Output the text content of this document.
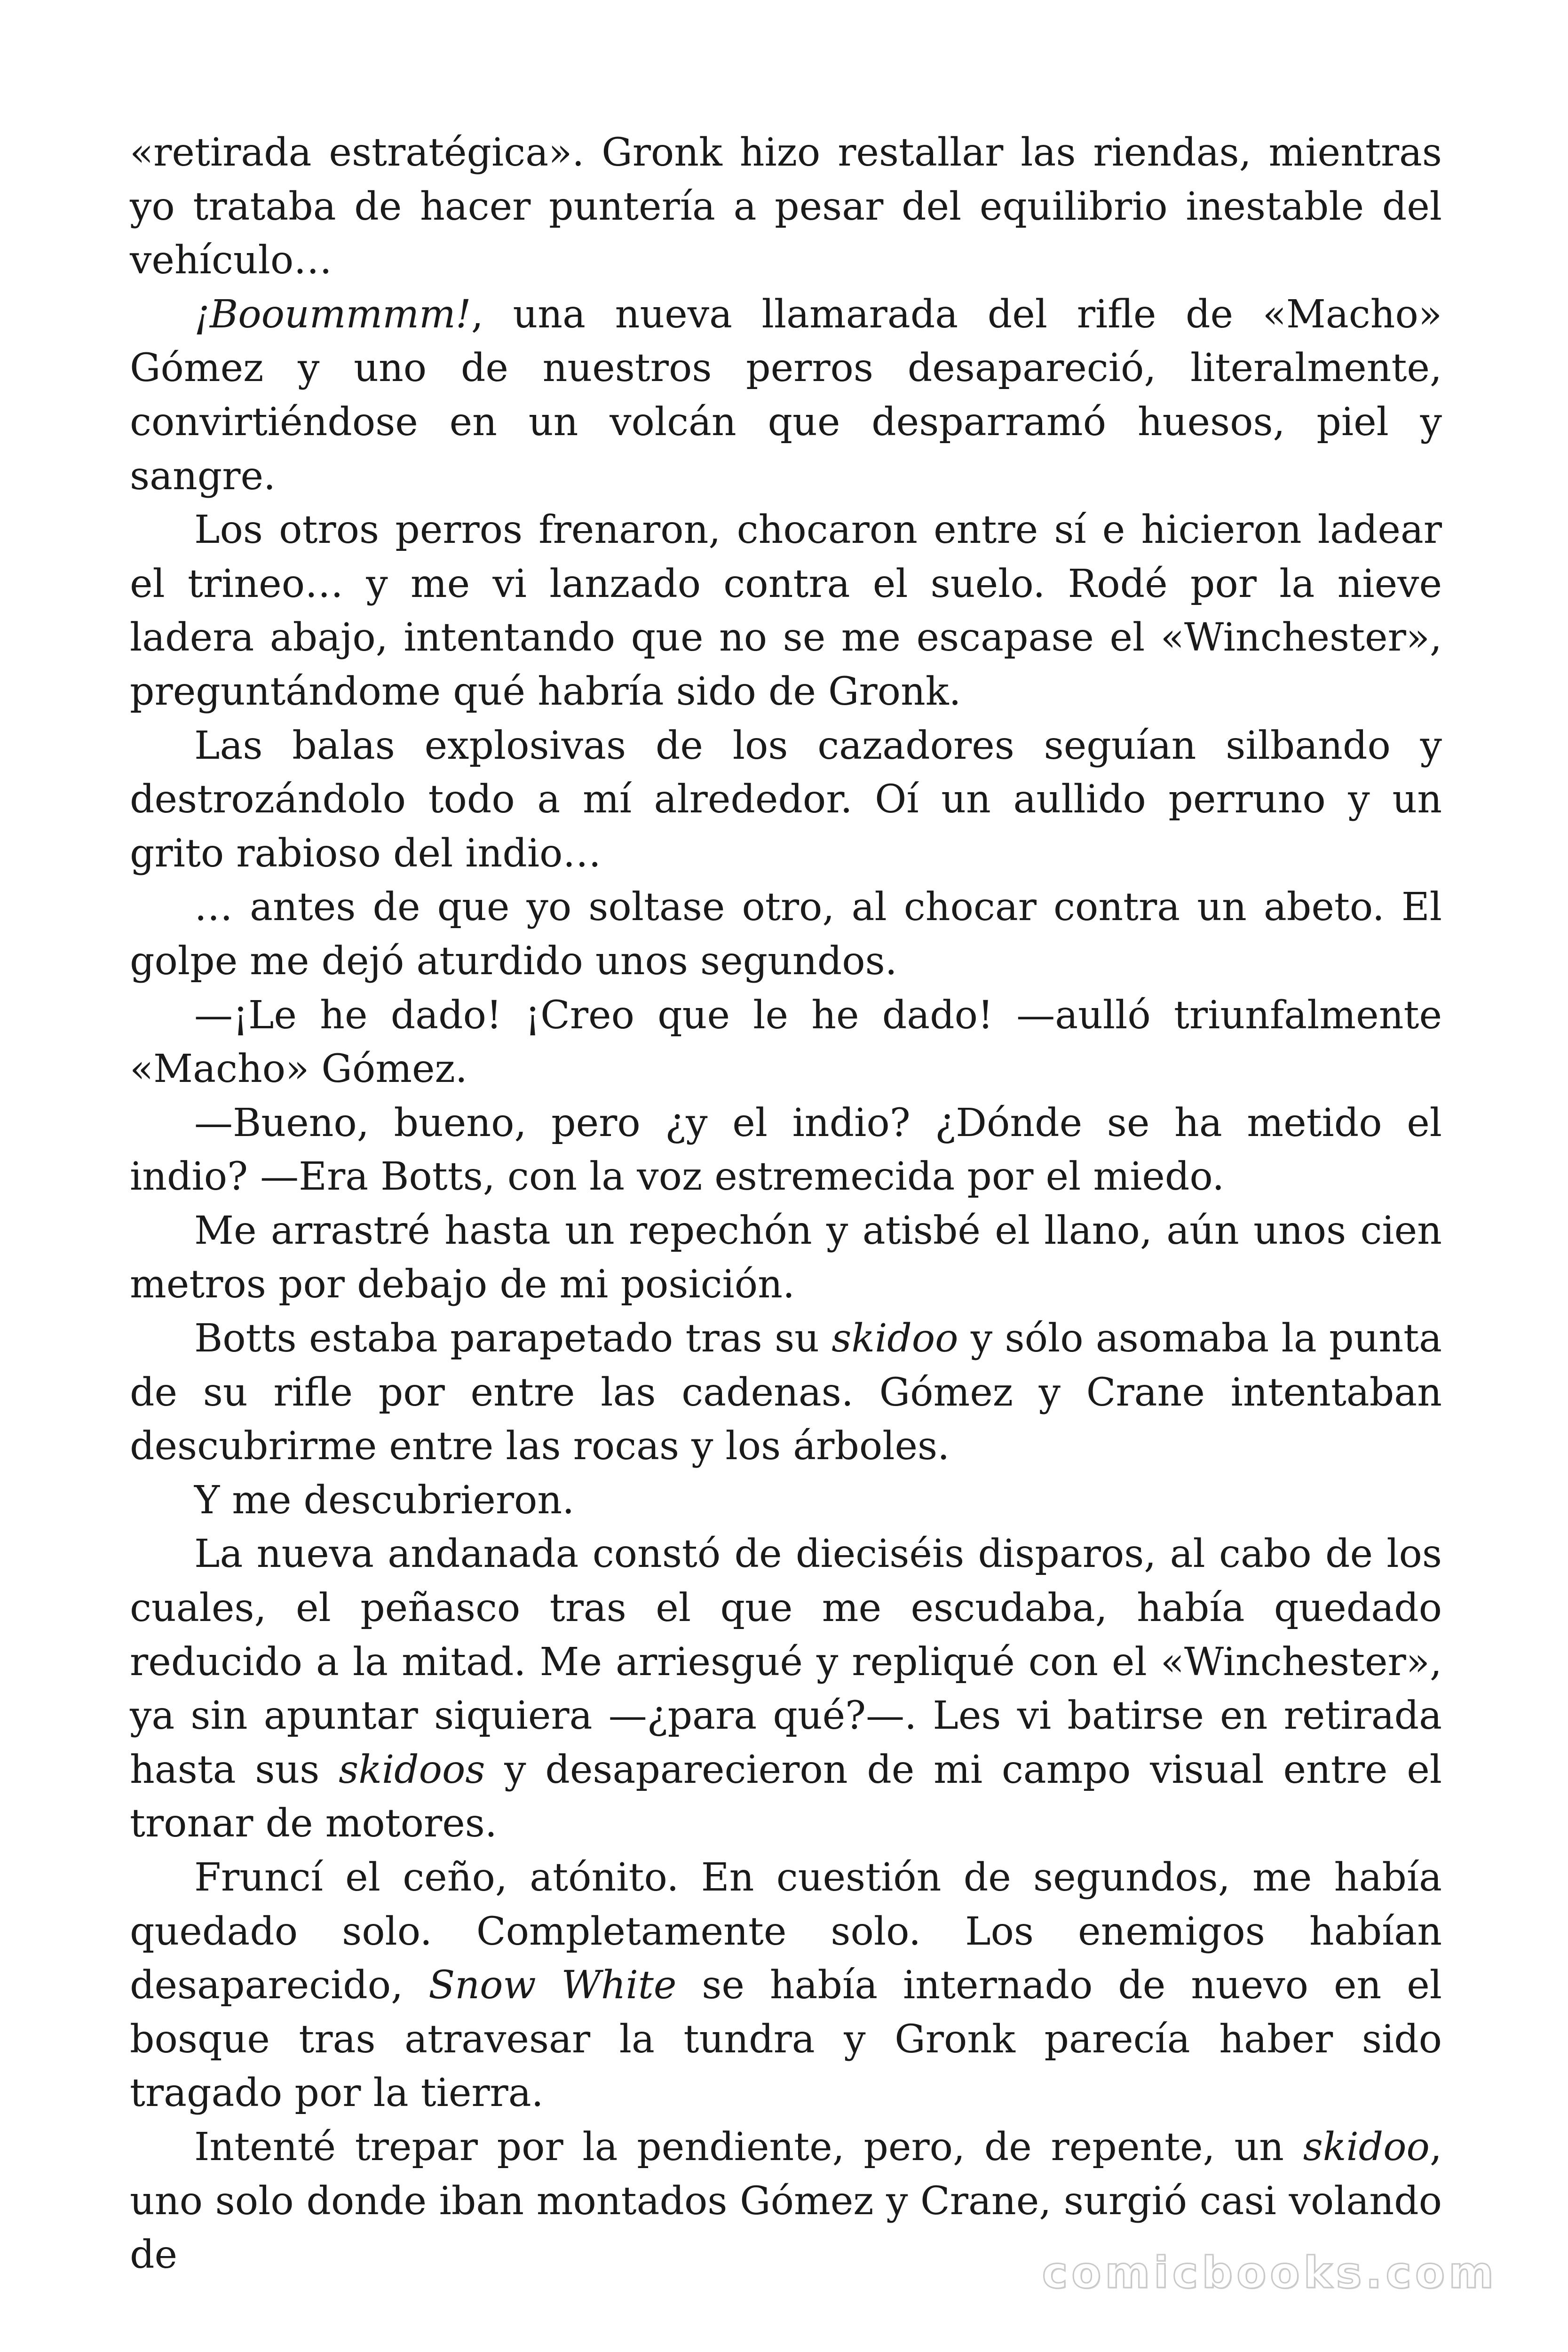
«retirada estratégica». Gronk hizo restallar las riendas, mientras yo trataba de hacer puntería a pesar del equilibrio inestable del vehículo…

¡Booummmm!, una nueva llamarada del rifle de «Macho» Gómez y uno de nuestros perros desapareció, literalmente, convirtiéndose en un volcán que desparramó huesos, piel y sangre.

Los otros perros frenaron, chocaron entre sí e hicieron ladear el trineo… y me vi lanzado contra el suelo. Rodé por la nieve ladera abajo, intentando que no se me escapase el «Winchester», preguntándome qué habría sido de Gronk.

Las balas explosivas de los cazadores seguían silbando y destrozándolo todo a mí alrededor. Oí un aullido perruno y un grito rabioso del indio…

… antes de que yo soltase otro, al chocar contra un abeto. El golpe me dejó aturdido unos segundos.

—¡Le he dado! ¡Creo que le he dado! —aulló triunfalmente «Macho» Gómez.

—Bueno, bueno, pero ¿y el indio? ¿Dónde se ha metido el indio? —Era Botts, con la voz estremecida por el miedo.

Me arrastré hasta un repechón y atisbé el llano, aún unos cien metros por debajo de mi posición.

Botts estaba parapetado tras su skidoo y sólo asomaba la punta de su rifle por entre las cadenas. Gómez y Crane intentaban descubrirme entre las rocas y los árboles.

Y me descubrieron.

La nueva andanada constó de dieciséis disparos, al cabo de los cuales, el peñasco tras el que me escudaba, había quedado reducido a la mitad. Me arriesgué y repliqué con el «Winchester», ya sin apuntar siquiera —¿para qué?—. Les vi batirse en retirada hasta sus skidoos y desaparecieron de mi campo visual entre el tronar de motores.

Fruncí el ceño, atónito. En cuestión de segundos, me había quedado solo. Completamente solo. Los enemigos habían desaparecido, Snow White se había internado de nuevo en el bosque tras atravesar la tundra y Gronk parecía haber sido tragado por la tierra.

Intenté trepar por la pendiente, pero, de repente, un skidoo, uno solo donde iban montados Gómez y Crane, surgió casi volando de	comicbooks.com
